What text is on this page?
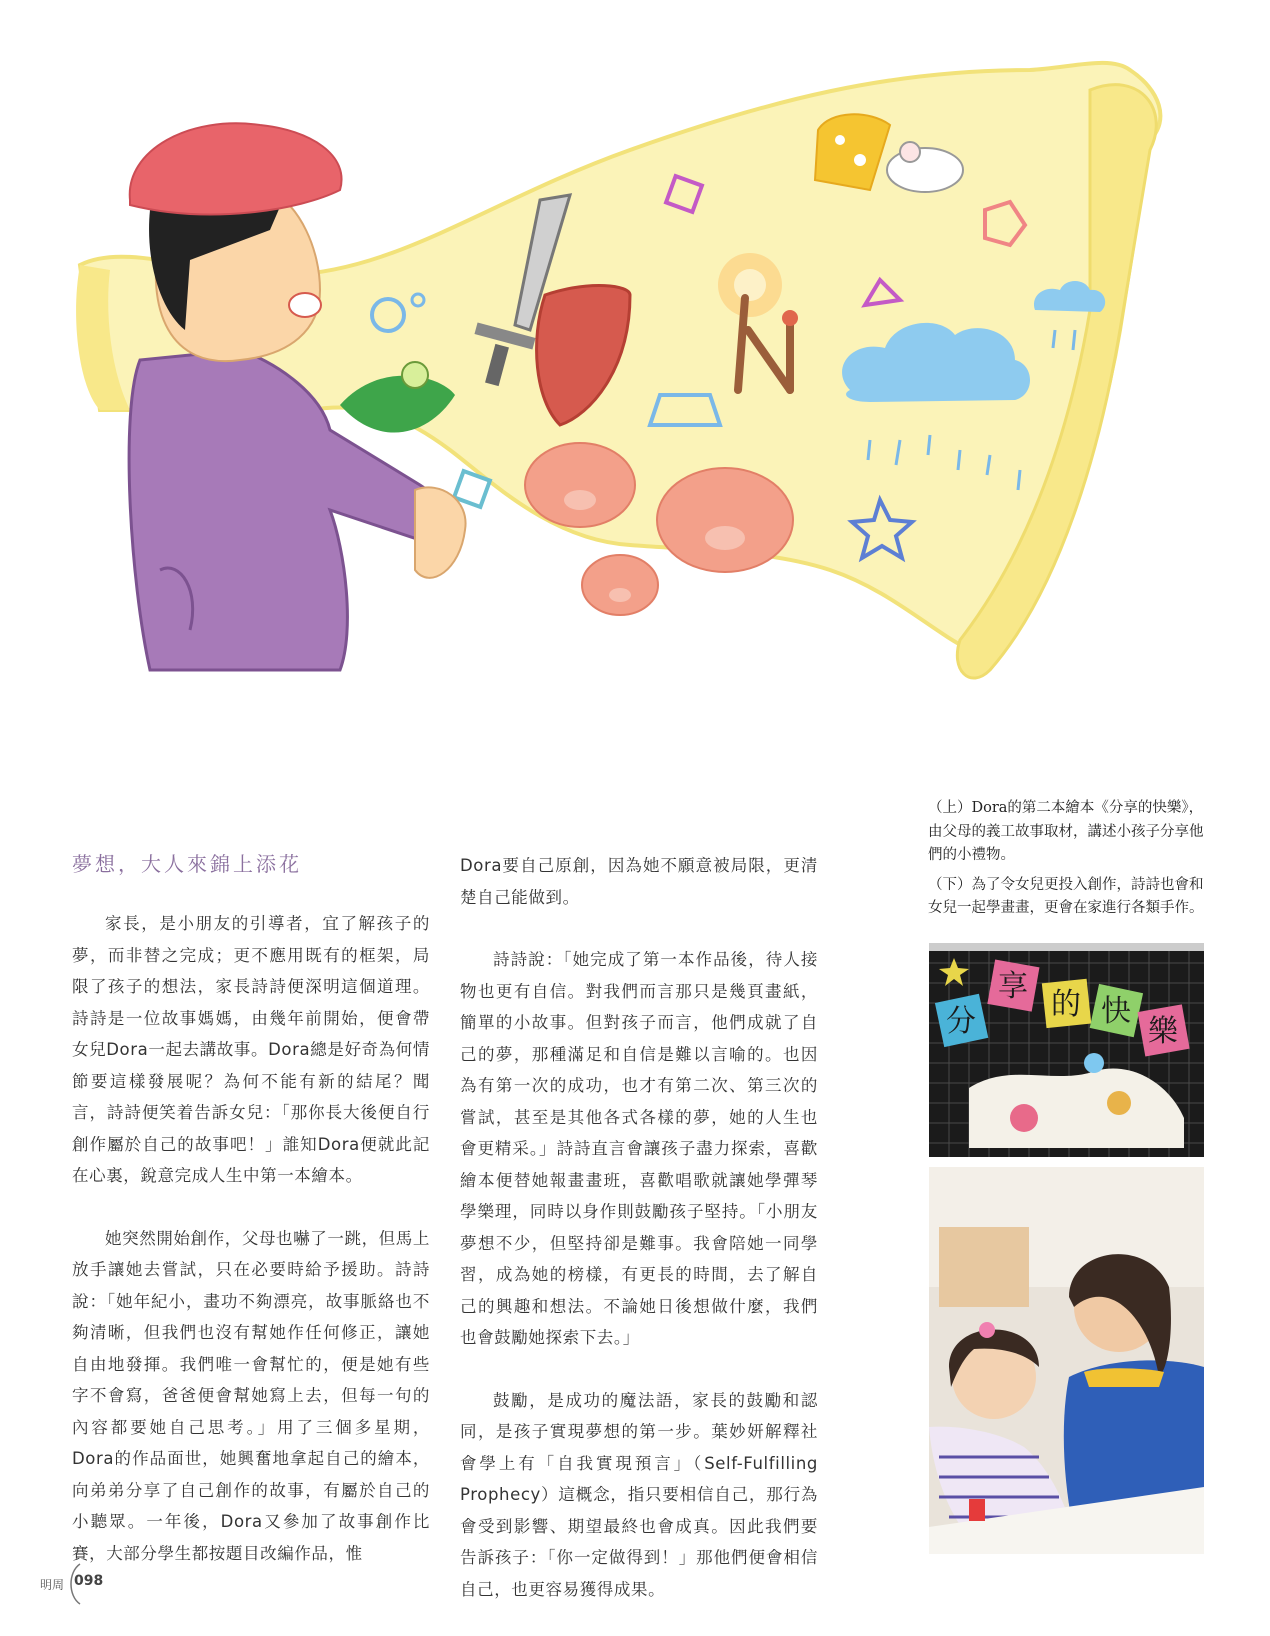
夢想，大人來錦上添花

家長，是小朋友的引導者，宜了解孩子的夢，而非替之完成；更不應用既有的框架，局限了孩子的想法，家長詩詩便深明這個道理。詩詩是一位故事媽媽，由幾年前開始，便會帶女兒Dora一起去講故事。Dora總是好奇為何情節要這樣發展呢？為何不能有新的結尾？聞言，詩詩便笑着告訴女兒：「那你長大後便自行創作屬於自己的故事吧！」誰知Dora便就此記在心裏，銳意完成人生中第一本繪本。

她突然開始創作，父母也嚇了一跳，但馬上放手讓她去嘗試，只在必要時給予援助。詩詩說：「她年紀小，畫功不夠漂亮，故事脈絡也不夠清晰，但我們也沒有幫她作任何修正，讓她自由地發揮。我們唯一會幫忙的，便是她有些字不會寫，爸爸便會幫她寫上去，但每一句的內容都要她自己思考。」用了三個多星期，Dora的作品面世，她興奮地拿起自己的繪本，向弟弟分享了自己創作的故事，有屬於自己的小聽眾。一年後，Dora又參加了故事創作比賽，大部分學生都按題目改編作品，惟

Dora要自己原創，因為她不願意被局限，更清楚自己能做到。

詩詩說：「她完成了第一本作品後，待人接物也更有自信。對我們而言那只是幾頁畫紙，簡單的小故事。但對孩子而言，他們成就了自己的夢，那種滿足和自信是難以言喻的。也因為有第一次的成功，也才有第二次、第三次的嘗試，甚至是其他各式各樣的夢，她的人生也會更精采。」詩詩直言會讓孩子盡力探索，喜歡繪本便替她報畫畫班，喜歡唱歌就讓她學彈琴學樂理，同時以身作則鼓勵孩子堅持。「小朋友夢想不少，但堅持卻是難事。我會陪她一同學習，成為她的榜樣，有更長的時間，去了解自己的興趣和想法。不論她日後想做什麼，我們也會鼓勵她探索下去。」

鼓勵，是成功的魔法語，家長的鼓勵和認同，是孩子實現夢想的第一步。葉妙妍解釋社會學上有「自我實現預言」（Self-Fulfilling Prophecy）這概念，指只要相信自己，那行為會受到影響、期望最終也會成真。因此我們要告訴孩子：「你一定做得到！」那他們便會相信自己，也更容易獲得成果。

（上）Dora的第二本繪本《分享的快樂》，由父母的義工故事取材，講述小孩子分享他們的小禮物。
（下）為了令女兒更投入創作，詩詩也會和女兒一起學畫畫，更會在家進行各類手作。
分
享
的 快
樂
明周 098
